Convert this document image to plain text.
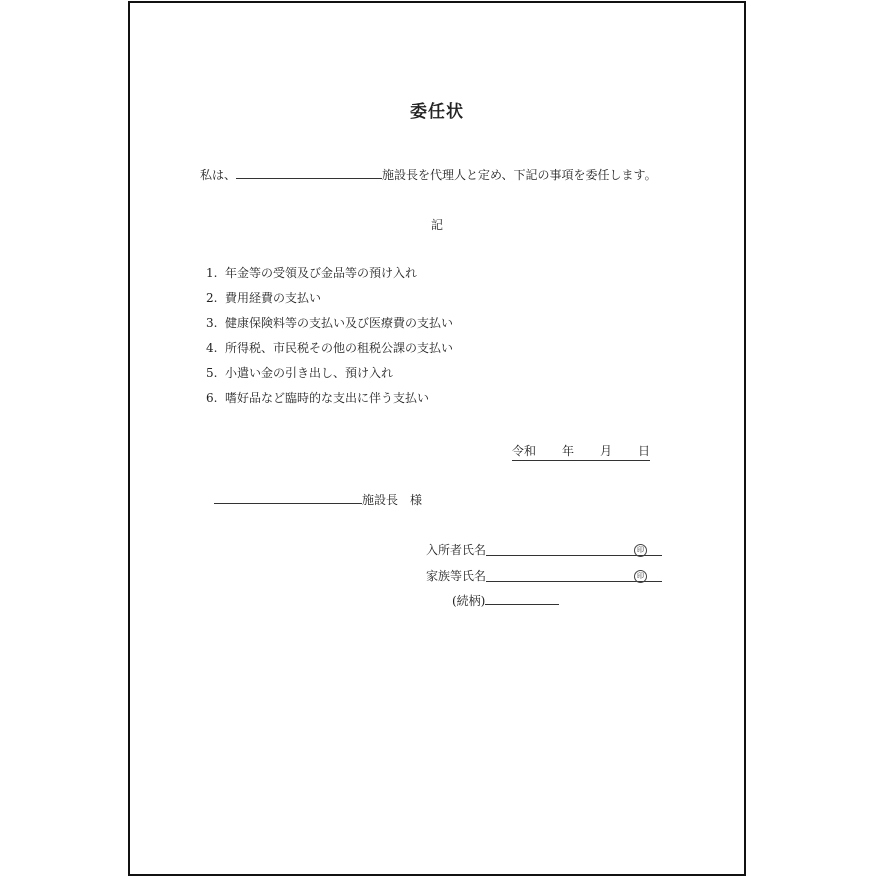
委任状
私は、	施設長を代理人と定め、下記の事項を委任します。
記
1. 年金等の受領及び金品等の預け入れ
2. 費用経費の支払い
3. 健康保険料等の支払い及び医療費の支払い
4. 所得税、市民税その他の租税公課の支払い
5. 小遣い金の引き出し、預け入れ
6. 嗜好品など臨時的な支出に伴う支払い
令和 年 月 日
施設長　様
入所者氏名	印
家族等氏名	印
(続柄)
